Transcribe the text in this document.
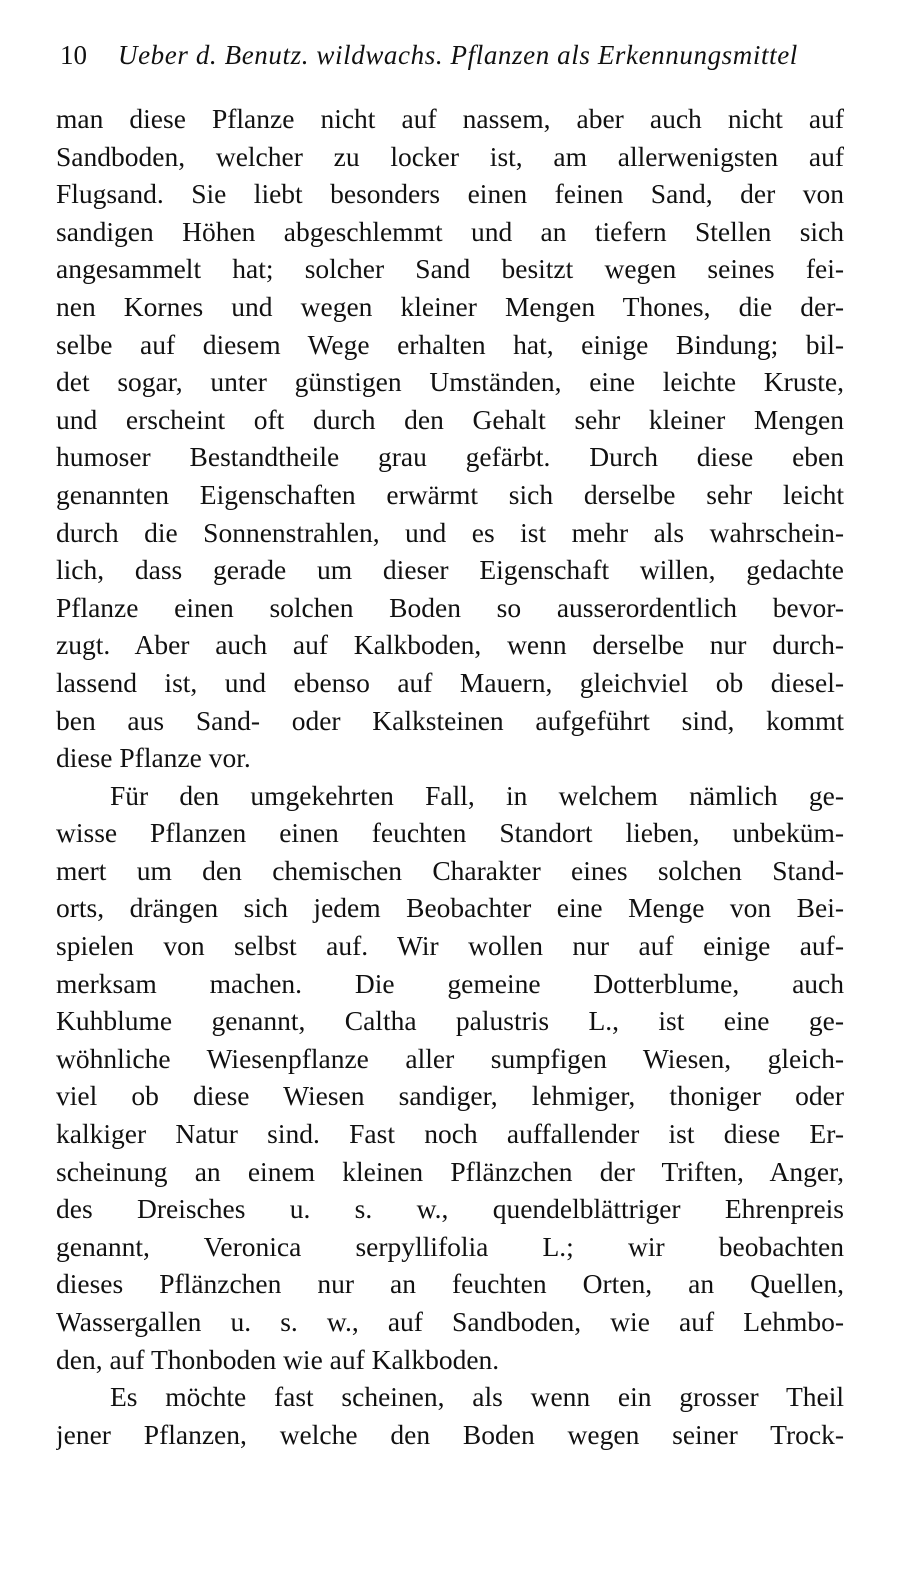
10 Ueber d. Benutz. wildwachs. Pflanzen als Erkennungsmittel
man diese Pflanze nicht auf nassem, aber auch nicht auf
Sandboden, welcher zu locker ist, am allerwenigsten auf
Flugsand. Sie liebt besonders einen feinen Sand, der von
sandigen Höhen abgeschlemmt und an tiefern Stellen sich
angesammelt hat; solcher Sand besitzt wegen seines fei-
nen Kornes und wegen kleiner Mengen Thones, die der-
selbe auf diesem Wege erhalten hat, einige Bindung; bil-
det sogar, unter günstigen Umständen, eine leichte Kruste,
und erscheint oft durch den Gehalt sehr kleiner Mengen
humoser Bestandtheile grau gefärbt. Durch diese eben
genannten Eigenschaften erwärmt sich derselbe sehr leicht
durch die Sonnenstrahlen, und es ist mehr als wahrschein-
lich, dass gerade um dieser Eigenschaft willen, gedachte
Pflanze einen solchen Boden so ausserordentlich bevor-
zugt. Aber auch auf Kalkboden, wenn derselbe nur durch-
lassend ist, und ebenso auf Mauern, gleichviel ob diesel-
ben aus Sand- oder Kalksteinen aufgeführt sind, kommt
diese Pflanze vor.
Für den umgekehrten Fall, in welchem nämlich ge-
wisse Pflanzen einen feuchten Standort lieben, unbeküm-
mert um den chemischen Charakter eines solchen Stand-
orts, drängen sich jedem Beobachter eine Menge von Bei-
spielen von selbst auf. Wir wollen nur auf einige auf-
merksam machen. Die gemeine Dotterblume, auch
Kuhblume genannt, Caltha palustris L., ist eine ge-
wöhnliche Wiesenpflanze aller sumpfigen Wiesen, gleich-
viel ob diese Wiesen sandiger, lehmiger, thoniger oder
kalkiger Natur sind. Fast noch auffallender ist diese Er-
scheinung an einem kleinen Pflänzchen der Triften, Anger,
des Dreisches u. s. w., quendelblättriger Ehrenpreis
genannt, Veronica serpyllifolia L.; wir beobachten
dieses Pflänzchen nur an feuchten Orten, an Quellen,
Wassergallen u. s. w., auf Sandboden, wie auf Lehmbo-
den, auf Thonboden wie auf Kalkboden.
Es möchte fast scheinen, als wenn ein grosser Theil
jener Pflanzen, welche den Boden wegen seiner Trock-
